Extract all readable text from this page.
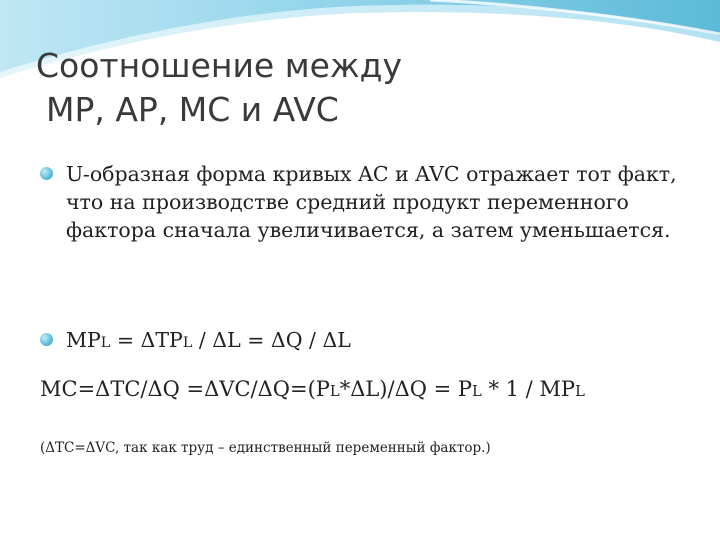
Соотношение между
MP, AP, MC и AVC
U-образная форма кривых AC и AVC отражает тот факт, что на производстве средний продукт переменного фактора сначала увеличивается, а затем уменьшается.
MPL = ΔTPL / ΔL = ΔQ / ΔL
MC=ΔTC/ΔQ =ΔVC/ΔQ=(PL*ΔL)/ΔQ = PL * 1 / MPL
(ΔTC=ΔVC, так как труд – единственный переменный фактор.)
